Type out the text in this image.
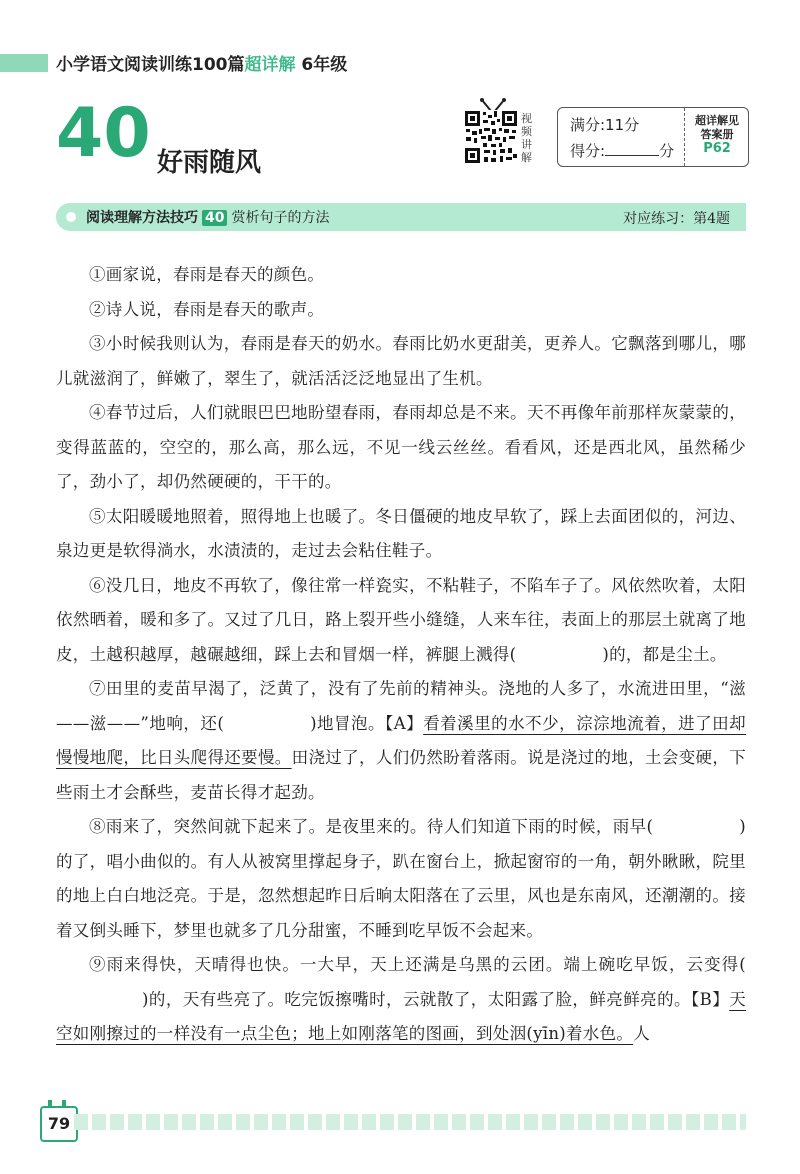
小学语文阅读训练100篇超详解 6年级
40 好雨随风
视
频
讲
解
满分:11分
得分:	分
超详解见
答案册
P62
阅读理解方法技巧 40 赏析句子的方法	对应练习：第4题

①画家说，春雨是春天的颜色。

②诗人说，春雨是春天的歌声。

③小时候我则认为，春雨是春天的奶水。春雨比奶水更甜美，更养人。它飘落到哪儿，哪儿就滋润了，鲜嫩了，翠生了，就活活泛泛地显出了生机。

④春节过后，人们就眼巴巴地盼望春雨，春雨却总是不来。天不再像年前那样灰蒙蒙的，变得蓝蓝的，空空的，那么高，那么远，不见一线云丝丝。看看风，还是西北风，虽然稀少了，劲小了，却仍然硬硬的，干干的。

⑤太阳暖暖地照着，照得地上也暖了。冬日僵硬的地皮早软了，踩上去面团似的，河边、泉边更是软得淌水，水渍渍的，走过去会粘住鞋子。

⑥没几日，地皮不再软了，像往常一样瓷实，不粘鞋子，不陷车子了。风依然吹着，太阳依然晒着，暖和多了。又过了几日，路上裂开些小缝缝，人来车往，表面上的那层土就离了地皮，土越积越厚，越碾越细，踩上去和冒烟一样，裤腿上溅得(	)的，都是尘土。

⑦田里的麦苗早渴了，泛黄了，没有了先前的精神头。浇地的人多了，水流进田里，“滋——滋——”地响，还(	)地冒泡。【A】看着溪里的水不少，淙淙地流着，进了田却慢慢地爬，比日头爬得还要慢。田浇过了，人们仍然盼着落雨。说是浇过的地，土会变硬，下些雨土才会酥些，麦苗长得才起劲。

⑧雨来了，突然间就下起来了。是夜里来的。待人们知道下雨的时候，雨早(	)的了，唱小曲似的。有人从被窝里撑起身子，趴在窗台上，掀起窗帘的一角，朝外瞅瞅，院里的地上白白地泛亮。于是，忽然想起昨日后晌太阳落在了云里，风也是东南风，还潮潮的。接着又倒头睡下，梦里也就多了几分甜蜜，不睡到吃早饭不会起来。

⑨雨来得快，天晴得也快。一大早，天上还满是乌黑的云团。端上碗吃早饭，云变得()的，天有些亮了。吃完饭擦嘴时，云就散了，太阳露了脸，鲜亮鲜亮的。【B】天空如刚擦过的一样没有一点尘色；地上如刚落笔的图画，到处洇(yīn)着水色。人

79
